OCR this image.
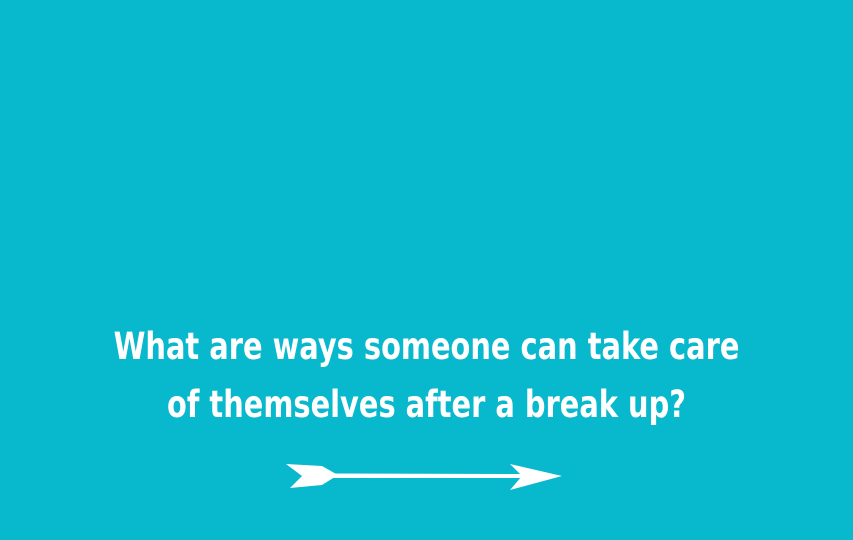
What are ways someone can take care
of themselves after a break up?
